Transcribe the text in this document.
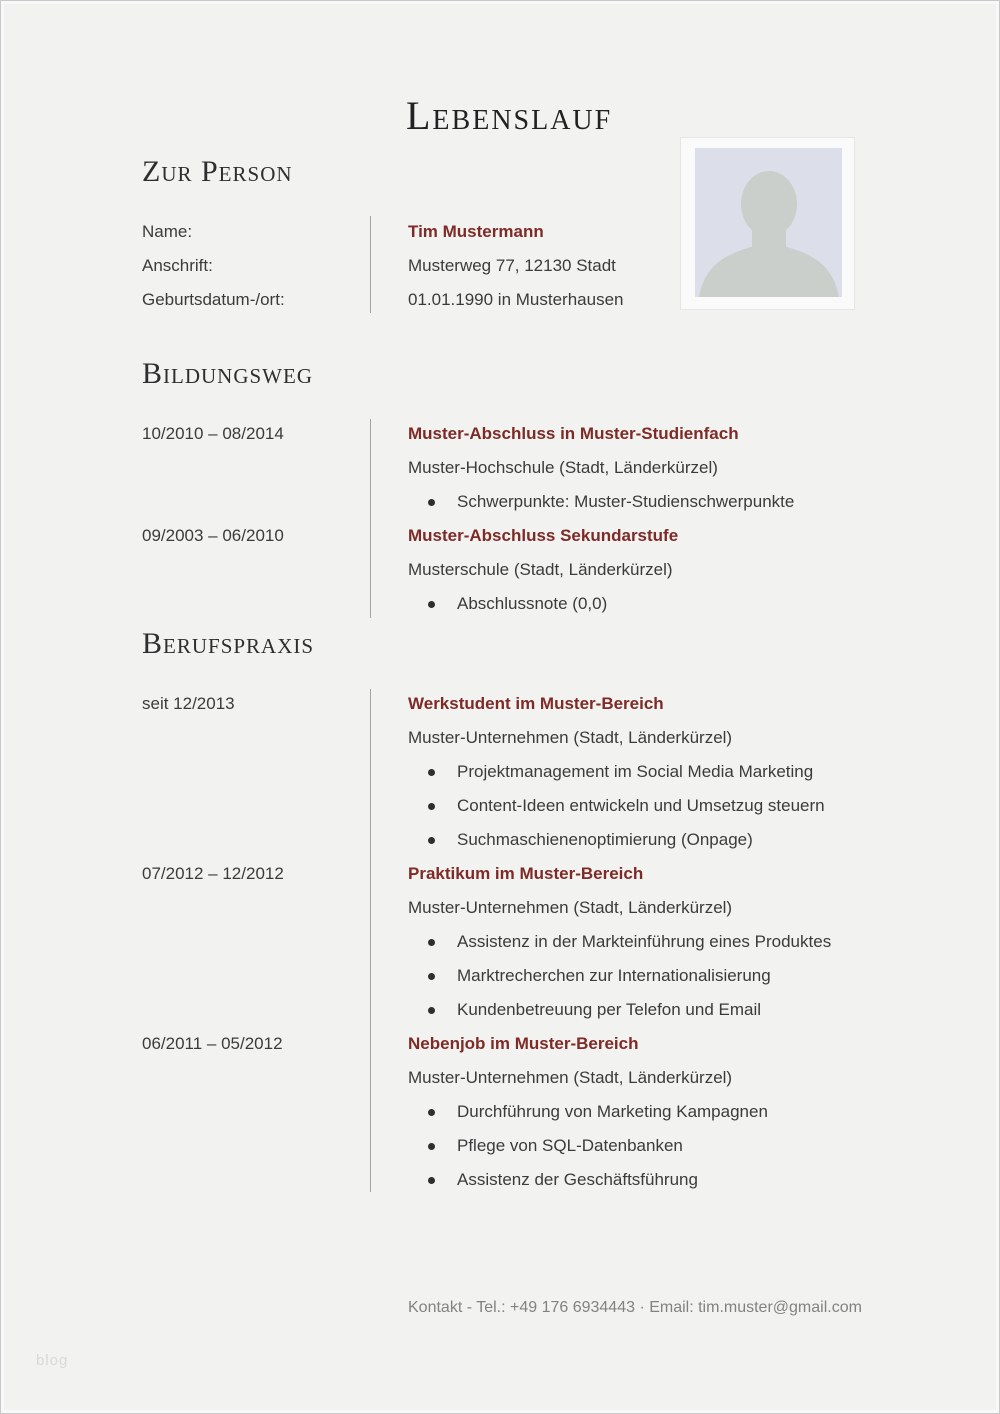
Lebenslauf
Zur Person
Name:	Tim Mustermann
Anschrift:	Musterweg 77, 12130 Stadt
Geburtsdatum-/ort:	01.01.1990 in Musterhausen
Bildungsweg
10/2010 – 08/2014	Muster-Abschluss in Muster-Studienfach
Muster-Hochschule (Stadt, Länderkürzel)
Schwerpunkte: Muster-Studienschwerpunkte
09/2003 – 06/2010	Muster-Abschluss Sekundarstufe
Musterschule (Stadt, Länderkürzel)
Abschlussnote (0,0)
Berufspraxis
seit 12/2013	Werkstudent im Muster-Bereich
Muster-Unternehmen (Stadt, Länderkürzel)
Projektmanagement im Social Media Marketing
Content-Ideen entwickeln und Umsetzug steuern
Suchmaschienenoptimierung (Onpage)
07/2012 – 12/2012	Praktikum im Muster-Bereich
Muster-Unternehmen (Stadt, Länderkürzel)
Assistenz in der Markteinführung eines Produktes
Marktrecherchen zur Internationalisierung
Kundenbetreuung per Telefon und Email
06/2011 – 05/2012	Nebenjob im Muster-Bereich
Muster-Unternehmen (Stadt, Länderkürzel)
Durchführung von Marketing Kampagnen
Pflege von SQL-Datenbanken
Assistenz der Geschäftsführung
Kontakt - Tel.: +49 176 6934443 · Email: tim.muster@gmail.com
blog
